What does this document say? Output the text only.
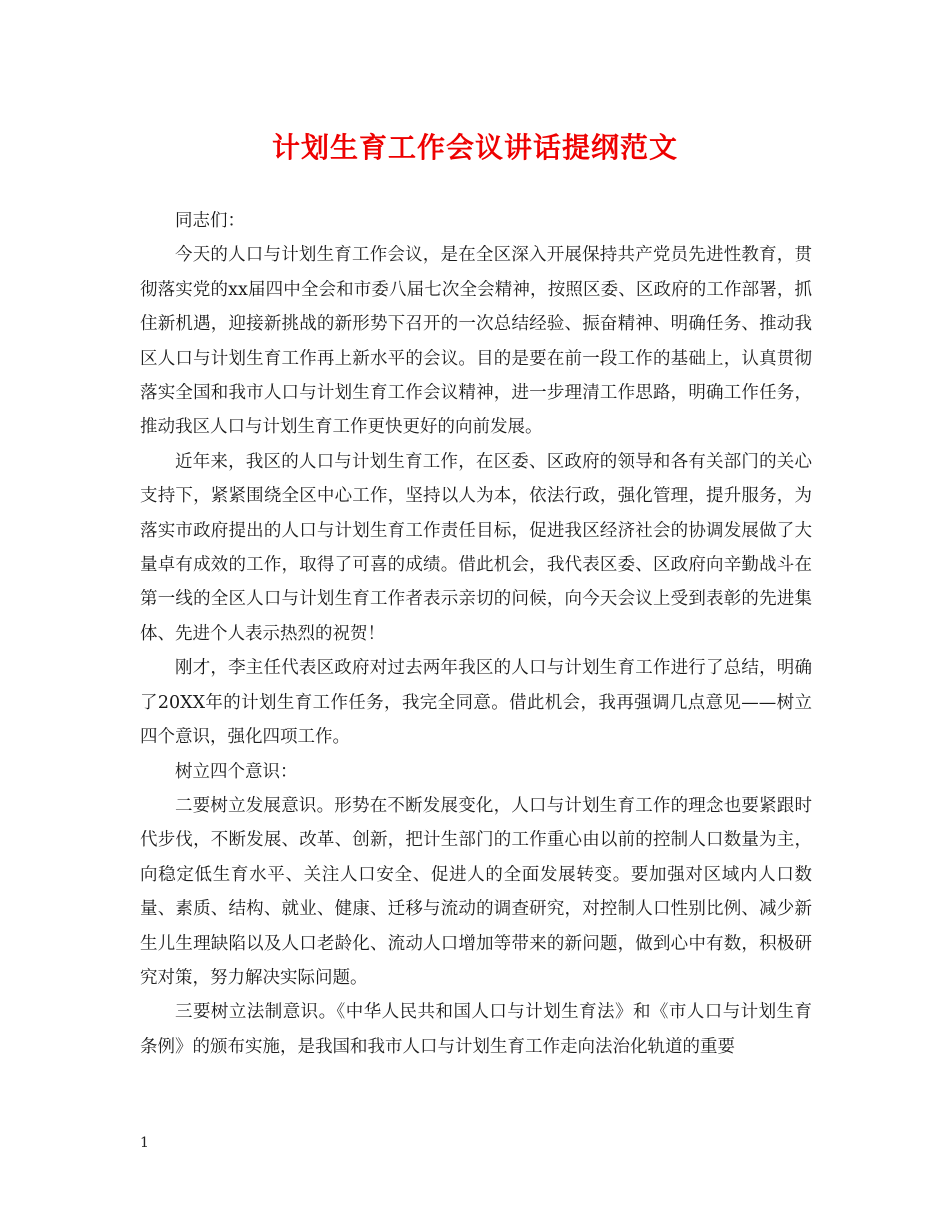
计划生育工作会议讲话提纲范文

同志们：

今天的人口与计划生育工作会议，是在全区深入开展保持共产党员先进性教育，贯彻落实党的xx届四中全会和市委八届七次全会精神，按照区委、区政府的工作部署，抓住新机遇，迎接新挑战的新形势下召开的一次总结经验、振奋精神、明确任务、推动我区人口与计划生育工作再上新水平的会议。目的是要在前一段工作的基础上，认真贯彻落实全国和我市人口与计划生育工作会议精神，进一步理清工作思路，明确工作任务，推动我区人口与计划生育工作更快更好的向前发展。

近年来，我区的人口与计划生育工作，在区委、区政府的领导和各有关部门的关心支持下，紧紧围绕全区中心工作，坚持以人为本，依法行政，强化管理，提升服务，为落实市政府提出的人口与计划生育工作责任目标，促进我区经济社会的协调发展做了大量卓有成效的工作，取得了可喜的成绩。借此机会，我代表区委、区政府向辛勤战斗在第一线的全区人口与计划生育工作者表示亲切的问候，向今天会议上受到表彰的先进集体、先进个人表示热烈的祝贺！

刚才，李主任代表区政府对过去两年我区的人口与计划生育工作进行了总结，明确了20XX年的计划生育工作任务，我完全同意。借此机会，我再强调几点意见——树立四个意识，强化四项工作。

树立四个意识：

二要树立发展意识。形势在不断发展变化，人口与计划生育工作的理念也要紧跟时代步伐，不断发展、改革、创新，把计生部门的工作重心由以前的控制人口数量为主，向稳定低生育水平、关注人口安全、促进人的全面发展转变。要加强对区域内人口数量、素质、结构、就业、健康、迁移与流动的调查研究，对控制人口性别比例、减少新生儿生理缺陷以及人口老龄化、流动人口增加等带来的新问题，做到心中有数，积极研究对策，努力解决实际问题。

三要树立法制意识。《中华人民共和国人口与计划生育法》和《市人口与计划生育条例》的颁布实施，是我国和我市人口与计划生育工作走向法治化轨道的重要

1
